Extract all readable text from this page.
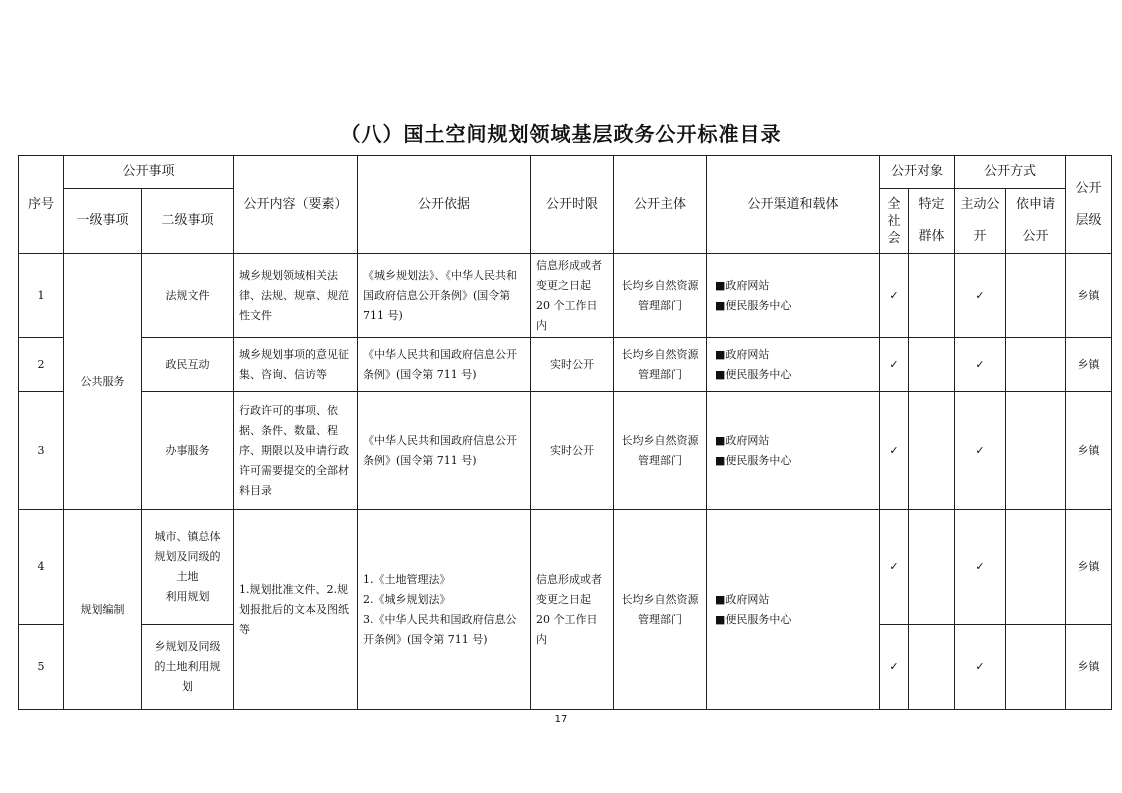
（八）国土空间规划领域基层政务公开标准目录
序号	公开事项		公开内容（要素）	公开依据	公开时限	公开主体	公开渠道和载体	公开对象		公开方式		公开层级
	一级事项	二级事项						全社会	特定群体	主动公开	依申请公开	
1	公共服务	法规文件	城乡规划领域相关法律、法规、规章、规范性文件	《城乡规划法》、《中华人民共和国政府信息公开条例》(国令第 711 号)	信息形成或者变更之日起 20 个工作日内	长均乡自然资源管理部门	■政府网站
■便民服务中心	✓		✓		乡镇
2		政民互动	城乡规划事项的意见征集、咨询、信访等	《中华人民共和国政府信息公开条例》(国令第 711 号)	实时公开	长均乡自然资源管理部门	■政府网站
■便民服务中心	✓		✓		乡镇
3		办事服务	行政许可的事项、依据、条件、数量、程序、期限以及申请行政许可需要提交的全部材料目录	《中华人民共和国政府信息公开条例》(国令第 711 号)	实时公开	长均乡自然资源管理部门	■政府网站
■便民服务中心	✓		✓		乡镇
4	规划编制	城市、镇总体
规划及同级的
土地
利用规划	1.规划批准文件、2.规划报批后的文本及图纸等	1.《土地管理法》
2.《城乡规划法》
3.《中华人民共和国政府信息公开条例》(国令第 711 号)	信息形成或者变更之日起 20 个工作日内	长均乡自然资源管理部门	■政府网站
■便民服务中心	✓		✓		乡镇
5		乡规划及同级
的土地利用规
划						✓		✓		乡镇
17
